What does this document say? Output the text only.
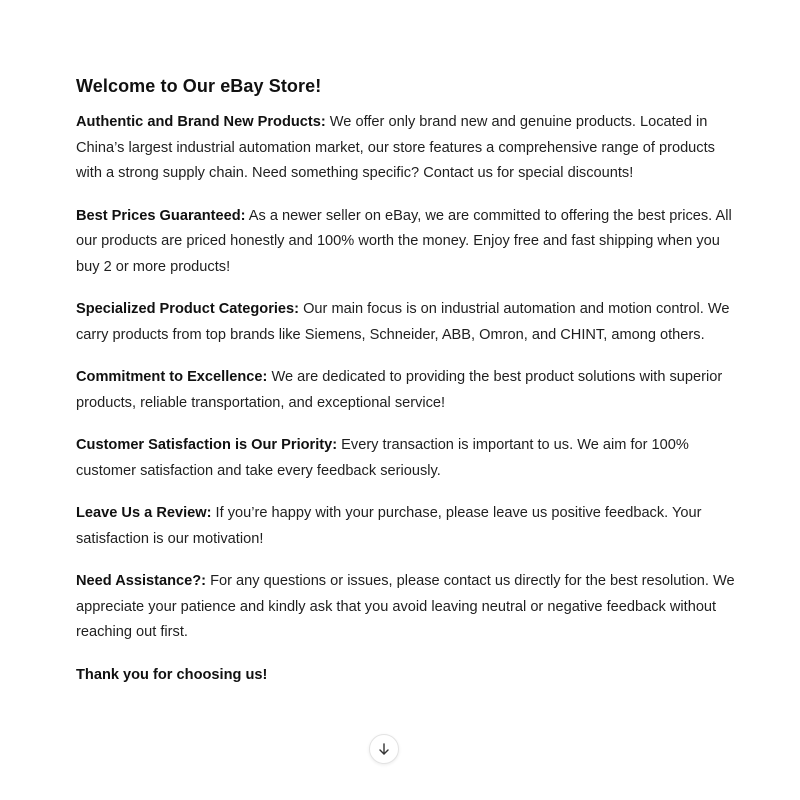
Welcome to Our eBay Store!

Authentic and Brand New Products: We offer only brand new and genuine products. Located in China’s largest industrial automation market, our store features a comprehensive range of products with a strong supply chain. Need something specific? Contact us for special discounts!

Best Prices Guaranteed: As a newer seller on eBay, we are committed to offering the best prices. All our products are priced honestly and 100% worth the money. Enjoy free and fast shipping when you buy 2 or more products!

Specialized Product Categories: Our main focus is on industrial automation and motion control. We carry products from top brands like Siemens, Schneider, ABB, Omron, and CHINT, among others.

Commitment to Excellence: We are dedicated to providing the best product solutions with superior products, reliable transportation, and exceptional service!

Customer Satisfaction is Our Priority: Every transaction is important to us. We aim for 100% customer satisfaction and take every feedback seriously.

Leave Us a Review: If you’re happy with your purchase, please leave us positive feedback. Your satisfaction is our motivation!

Need Assistance?: For any questions or issues, please contact us directly for the best resolution. We appreciate your patience and kindly ask that you avoid leaving neutral or negative feedback without reaching out first.

Thank you for choosing us!
